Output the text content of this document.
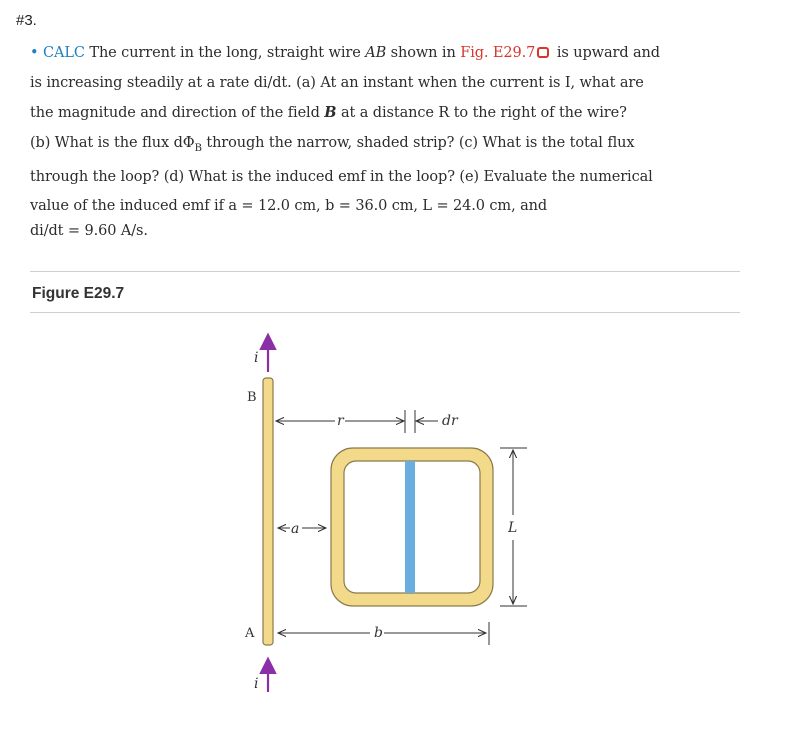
#3.

• CALC The current in the long, straight wire AB shown in Fig. E29.7 is upward and

is increasing steadily at a rate di/dt. (a) At an instant when the current is I, what are

the magnitude and direction of the field B at a distance R to the right of the wire?

(b) What is the flux $d\Phi_B$ through the narrow, shaded strip? (c) What is the total flux

through the loop? (d) What is the induced emf in the loop? (e) Evaluate the numerical

value of the induced emf if a = 12.0 cm, b = 36.0 cm, L = 24.0 cm, and

di/dt = 9.60 A/s.

Figure E29.7
i
B
A
i
r	dr
a	L
b
